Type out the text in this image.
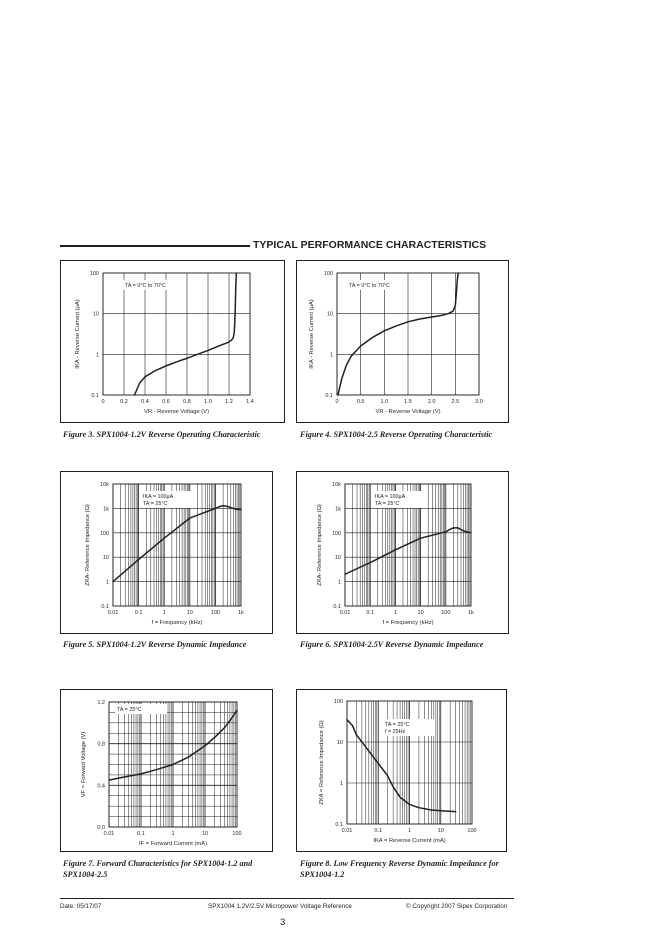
TYPICAL PERFORMANCE CHARACTERISTICS
0	0.2 0.4 0.6 0.8 1.0 1.2 1.4
0.1
1
10
100
VR - Reverse Voltage (V)
IKA - Reverse Current (µA)
TA = 0°C to 70°C
0	0.5	1.0	1.5	2.0	2.5	3.0
0.1
1
10
100
VR - Reverse Voltage (V)
IKA - Reverse Current (µA)
TA = 0°C to 70°C
0.01	0.1	1	10	100	1k
0.1
1
10
100
1k
10k
f = Frequency (kHz)
ZKA- Reference Impedance (Ω)
IKA = 100µA
TA = 25°C
0.01	0.1	1	10	100	1k
0.1
1
10
100
1k
10k
f = Frequency (kHz)
ZKA- Reference Impedance (Ω)
IKA = 100µA
TA = 25°C
0.01	0.1	1	10	100
0.0
0.4
0.8
1.2
IF = Forward Current (mA)
VF = Forward Voltage (V)
TA = 25°C
0.01	0.1	1	10	100
0.1
1
10
100
IKA = Reverse Current (mA)
ZKA = Reference Impedance (Ω)	TA = 25°C
f = 25Hz
Figure 3. SPX1004-1.2V Reverse Operating Characteristic	Figure 4. SPX1004-2.5 Reverse Operating Characteristic
Figure 5. SPX1004-1.2V Reverse Dynamic Impedance	Figure 6. SPX1004-2.5V Reverse Dynamic Impedance
Figure 7. Forward Characteristics for SPX1004-1.2 and SPX1004-2.5
Figure 8. Low Frequency Reverse Dynamic Impedance for SPX1004-1.2
Date: 05/17/07	SPX1004 1.2V/2.5V Micropower Voltage Reference	© Copyright 2007 Sipex Corporation
3
